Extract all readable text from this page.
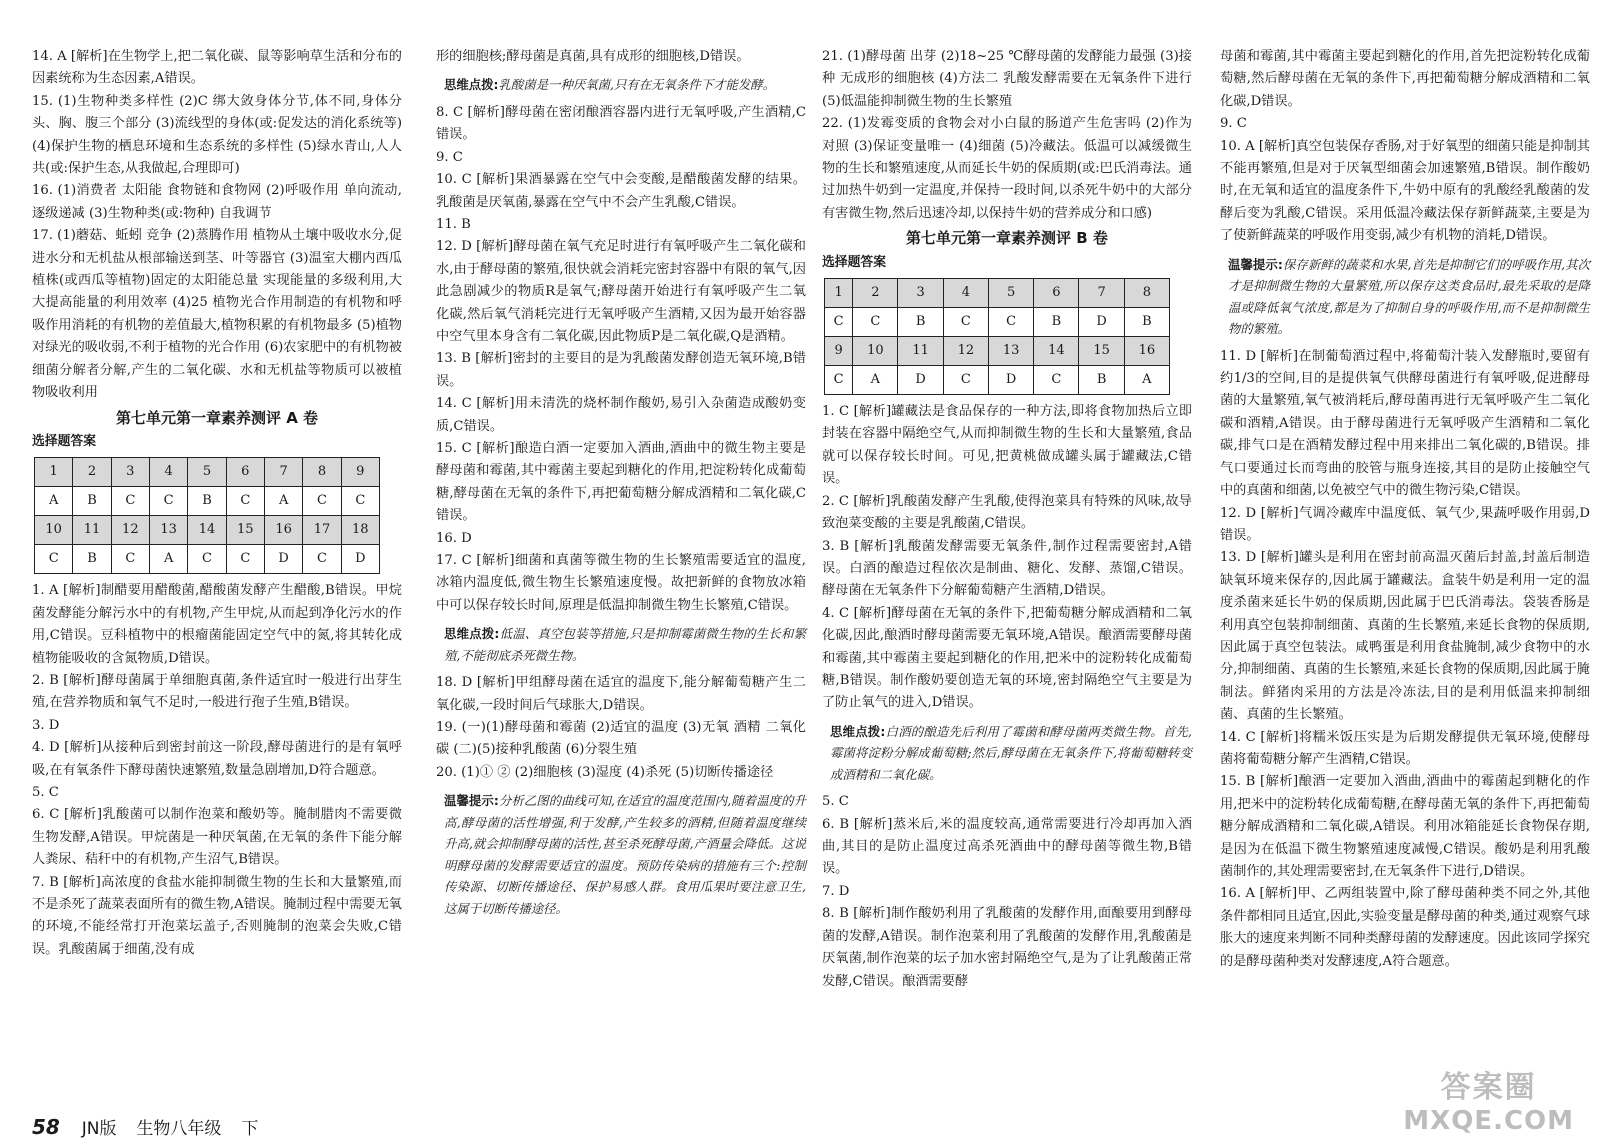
14. A [解析]在生物学上,把二氧化碳、鼠等影响草生活和分布的因素统称为生态因素,A错误。

15. (1)生物种类多样性 (2)C 绑大敛身体分节,体不同,身体分头、胸、腹三个部分 (3)流线型的身体(或:促发达的消化系统等) (4)保护生物的栖息环境和生态系统的多样性 (5)绿水青山,人人共(或:保护生态,从我做起,合理即可)

16. (1)消费者 太阳能 食物链和食物网 (2)呼吸作用 单向流动,逐级递减 (3)生物种类(或:物种) 自我调节

17. (1)蘑菇、蚯蚓 竞争 (2)蒸腾作用 植物从土壤中吸收水分,促进水分和无机盐从根部输送到茎、叶等器官 (3)温室大棚内西瓜植株(或西瓜等植物)固定的太阳能总量 实现能量的多级利用,大大提高能量的利用效率 (4)25 植物光合作用制造的有机物和呼吸作用消耗的有机物的差值最大,植物积累的有机物最多 (5)植物对绿光的吸收弱,不利于植物的光合作用 (6)农家肥中的有机物被细菌分解者分解,产生的二氧化碳、水和无机盐等物质可以被植物吸收利用

第七单元第一章素养测评 A 卷
选择题答案
1	2	3	4	5	6	7	8	9
A	B	C	C	B	C	A	C	C
10	11	12	13	14	15	16	17	18
C	B	C	A	C	C	D	C	D

1. A [解析]制醋要用醋酸菌,醋酸菌发酵产生醋酸,B错误。甲烷菌发酵能分解污水中的有机物,产生甲烷,从而起到净化污水的作用,C错误。豆科植物中的根瘤菌能固定空气中的氮,将其转化成植物能吸收的含氮物质,D错误。

2. B [解析]酵母菌属于单细胞真菌,条件适宜时一般进行出芽生殖,在营养物质和氧气不足时,一般进行孢子生殖,B错误。

3. D

4. D [解析]从接种后到密封前这一阶段,酵母菌进行的是有氧呼吸,在有氧条件下酵母菌快速繁殖,数量急剧增加,D符合题意。

5. C

6. C [解析]乳酸菌可以制作泡菜和酸奶等。腌制腊肉不需要微生物发酵,A错误。甲烷菌是一种厌氧菌,在无氧的条件下能分解人粪尿、秸秆中的有机物,产生沼气,B错误。

7. B [解析]高浓度的食盐水能抑制微生物的生长和大量繁殖,而不是杀死了蔬菜表面所有的微生物,A错误。腌制过程中需要无氧的环境,不能经常打开泡菜坛盖子,否则腌制的泡菜会失败,C错误。乳酸菌属于细菌,没有成

形的细胞核;酵母菌是真菌,具有成形的细胞核,D错误。

思维点拨:乳酸菌是一种厌氧菌,只有在无氧条件下才能发酵。

8. C [解析]酵母菌在密闭酿酒容器内进行无氧呼吸,产生酒精,C错误。

9. C

10. C [解析]果酒暴露在空气中会变酸,是醋酸菌发酵的结果。乳酸菌是厌氧菌,暴露在空气中不会产生乳酸,C错误。

11. B

12. D [解析]酵母菌在氧气充足时进行有氧呼吸产生二氧化碳和水,由于酵母菌的繁殖,很快就会消耗完密封容器中有限的氧气,因此急剧减少的物质R是氧气;酵母菌开始进行有氧呼吸产生二氧化碳,然后氧气消耗完进行无氧呼吸产生酒精,又因为最开始容器中空气里本身含有二氧化碳,因此物质P是二氧化碳,Q是酒精。

13. B [解析]密封的主要目的是为乳酸菌发酵创造无氧环境,B错误。

14. C [解析]用未清洗的烧杯制作酸奶,易引入杂菌造成酸奶变质,C错误。

15. C [解析]酿造白酒一定要加入酒曲,酒曲中的微生物主要是酵母菌和霉菌,其中霉菌主要起到糖化的作用,把淀粉转化成葡萄糖,酵母菌在无氧的条件下,再把葡萄糖分解成酒精和二氧化碳,C错误。

16. D

17. C [解析]细菌和真菌等微生物的生长繁殖需要适宜的温度,冰箱内温度低,微生物生长繁殖速度慢。故把新鲜的食物放冰箱中可以保存较长时间,原理是低温抑制微生物生长繁殖,C错误。

思维点拨:低温、真空包装等措施,只是抑制霉菌微生物的生长和繁殖,不能彻底杀死微生物。

18. D [解析]甲组酵母菌在适宜的温度下,能分解葡萄糖产生二氧化碳,一段时间后气球胀大,D错误。

19. (一)(1)酵母菌和霉菌 (2)适宜的温度 (3)无氧 酒精 二氧化碳 (二)(5)接种乳酸菌 (6)分裂生殖

20. (1)① ② (2)细胞核 (3)湿度 (4)杀死 (5)切断传播途径

温馨提示:分析乙图的曲线可知,在适宜的温度范围内,随着温度的升高,酵母菌的活性增强,利于发酵,产生较多的酒精,但随着温度继续升高,就会抑制酵母菌的活性,甚至杀死酵母菌,产酒量会降低。这说明酵母菌的发酵需要适宜的温度。预防传染病的措施有三个:控制传染源、切断传播途径、保护易感人群。食用瓜果时要注意卫生,这属于切断传播途径。

21. (1)酵母菌 出芽 (2)18~25 ℃酵母菌的发酵能力最强 (3)接种 无成形的细胞核 (4)方法二 乳酸发酵需要在无氧条件下进行 (5)低温能抑制微生物的生长繁殖

22. (1)发霉变质的食物会对小白鼠的肠道产生危害吗 (2)作为对照 (3)保证变量唯一 (4)细菌 (5)冷藏法。低温可以减缓微生物的生长和繁殖速度,从而延长牛奶的保质期(或:巴氏消毒法。通过加热牛奶到一定温度,并保持一段时间,以杀死牛奶中的大部分有害微生物,然后迅速冷却,以保持牛奶的营养成分和口感)

第七单元第一章素养测评 B 卷
选择题答案
1	2	3	4	5	6	7	8
C	C	B	C	C	B	D	B
9	10	11	12	13	14	15	16
C	A	D	C	D	C	B	A

1. C [解析]罐藏法是食品保存的一种方法,即将食物加热后立即封装在容器中隔绝空气,从而抑制微生物的生长和大量繁殖,食品就可以保存较长时间。可见,把黄桃做成罐头属于罐藏法,C错误。

2. C [解析]乳酸菌发酵产生乳酸,使得泡菜具有特殊的风味,故导致泡菜变酸的主要是乳酸菌,C错误。

3. B [解析]乳酸菌发酵需要无氧条件,制作过程需要密封,A错误。白酒的酿造过程依次是制曲、糖化、发酵、蒸馏,C错误。酵母菌在无氧条件下分解葡萄糖产生酒精,D错误。

4. C [解析]酵母菌在无氧的条件下,把葡萄糖分解成酒精和二氧化碳,因此,酿酒时酵母菌需要无氧环境,A错误。酿酒需要酵母菌和霉菌,其中霉菌主要起到糖化的作用,把米中的淀粉转化成葡萄糖,B错误。制作酸奶要创造无氧的环境,密封隔绝空气主要是为了防止氧气的进入,D错误。

思维点拨:白酒的酿造先后利用了霉菌和酵母菌两类微生物。首先,霉菌将淀粉分解成葡萄糖;然后,酵母菌在无氧条件下,将葡萄糖转变成酒精和二氧化碳。

5. C

6. B [解析]蒸米后,米的温度较高,通常需要进行冷却再加入酒曲,其目的是防止温度过高杀死酒曲中的酵母菌等微生物,B错误。

7. D

8. B [解析]制作酸奶利用了乳酸菌的发酵作用,面酿要用到酵母菌的发酵,A错误。制作泡菜利用了乳酸菌的发酵作用,乳酸菌是厌氧菌,制作泡菜的坛子加水密封隔绝空气,是为了让乳酸菌正常发酵,C错误。酿酒需要酵

母菌和霉菌,其中霉菌主要起到糖化的作用,首先把淀粉转化成葡萄糖,然后酵母菌在无氧的条件下,再把葡萄糖分解成酒精和二氧化碳,D错误。

9. C

10. A [解析]真空包装保存香肠,对于好氧型的细菌只能是抑制其不能再繁殖,但是对于厌氧型细菌会加速繁殖,B错误。制作酸奶时,在无氧和适宜的温度条件下,牛奶中原有的乳酸经乳酸菌的发酵后变为乳酸,C错误。采用低温冷藏法保存新鲜蔬菜,主要是为了使新鲜蔬菜的呼吸作用变弱,减少有机物的消耗,D错误。

温馨提示:保存新鲜的蔬菜和水果,首先是抑制它们的呼吸作用,其次才是抑制微生物的大量繁殖,所以保存这类食品时,最先采取的是降温或降低氧气浓度,都是为了抑制自身的呼吸作用,而不是抑制微生物的繁殖。

11. D [解析]在制葡萄酒过程中,将葡萄汁装入发酵瓶时,要留有约1/3的空间,目的是提供氧气供酵母菌进行有氧呼吸,促进酵母菌的大量繁殖,氧气被消耗后,酵母菌再进行无氧呼吸产生二氧化碳和酒精,A错误。由于酵母菌进行无氧呼吸产生酒精和二氧化碳,排气口是在酒精发酵过程中用来排出二氧化碳的,B错误。排气口要通过长而弯曲的胶管与瓶身连接,其目的是防止接触空气中的真菌和细菌,以免被空气中的微生物污染,C错误。

12. D [解析]气调冷藏库中温度低、氧气少,果蔬呼吸作用弱,D错误。

13. D [解析]罐头是利用在密封前高温灭菌后封盖,封盖后制造缺氧环境来保存的,因此属于罐藏法。盒装牛奶是利用一定的温度杀菌来延长牛奶的保质期,因此属于巴氏消毒法。袋装香肠是利用真空包装抑制细菌、真菌的生长繁殖,来延长食物的保质期,因此属于真空包装法。咸鸭蛋是利用食盐腌制,减少食物中的水分,抑制细菌、真菌的生长繁殖,来延长食物的保质期,因此属于腌制法。鲜猪肉采用的方法是冷冻法,目的是利用低温来抑制细菌、真菌的生长繁殖。

14. C [解析]将糯米饭压实是为后期发酵提供无氧环境,使酵母菌将葡萄糖分解产生酒精,C错误。

15. B [解析]酿酒一定要加入酒曲,酒曲中的霉菌起到糖化的作用,把米中的淀粉转化成葡萄糖,在酵母菌无氧的条件下,再把葡萄糖分解成酒精和二氧化碳,A错误。利用冰箱能延长食物保存期,是因为在低温下微生物繁殖速度减慢,C错误。酸奶是利用乳酸菌制作的,其处理需要密封,在无氧条件下进行,D错误。

16. A [解析]甲、乙两组装置中,除了酵母菌种类不同之外,其他条件都相同且适宜,因此,实验变量是酵母菌的种类,通过观察气球胀大的速度来判断不同种类酵母菌的发酵速度。因此该同学探究的是酵母菌种类对发酵速度,A符合题意。

58 JN版 生物八年级 下
答案圈
MXQE.COM
